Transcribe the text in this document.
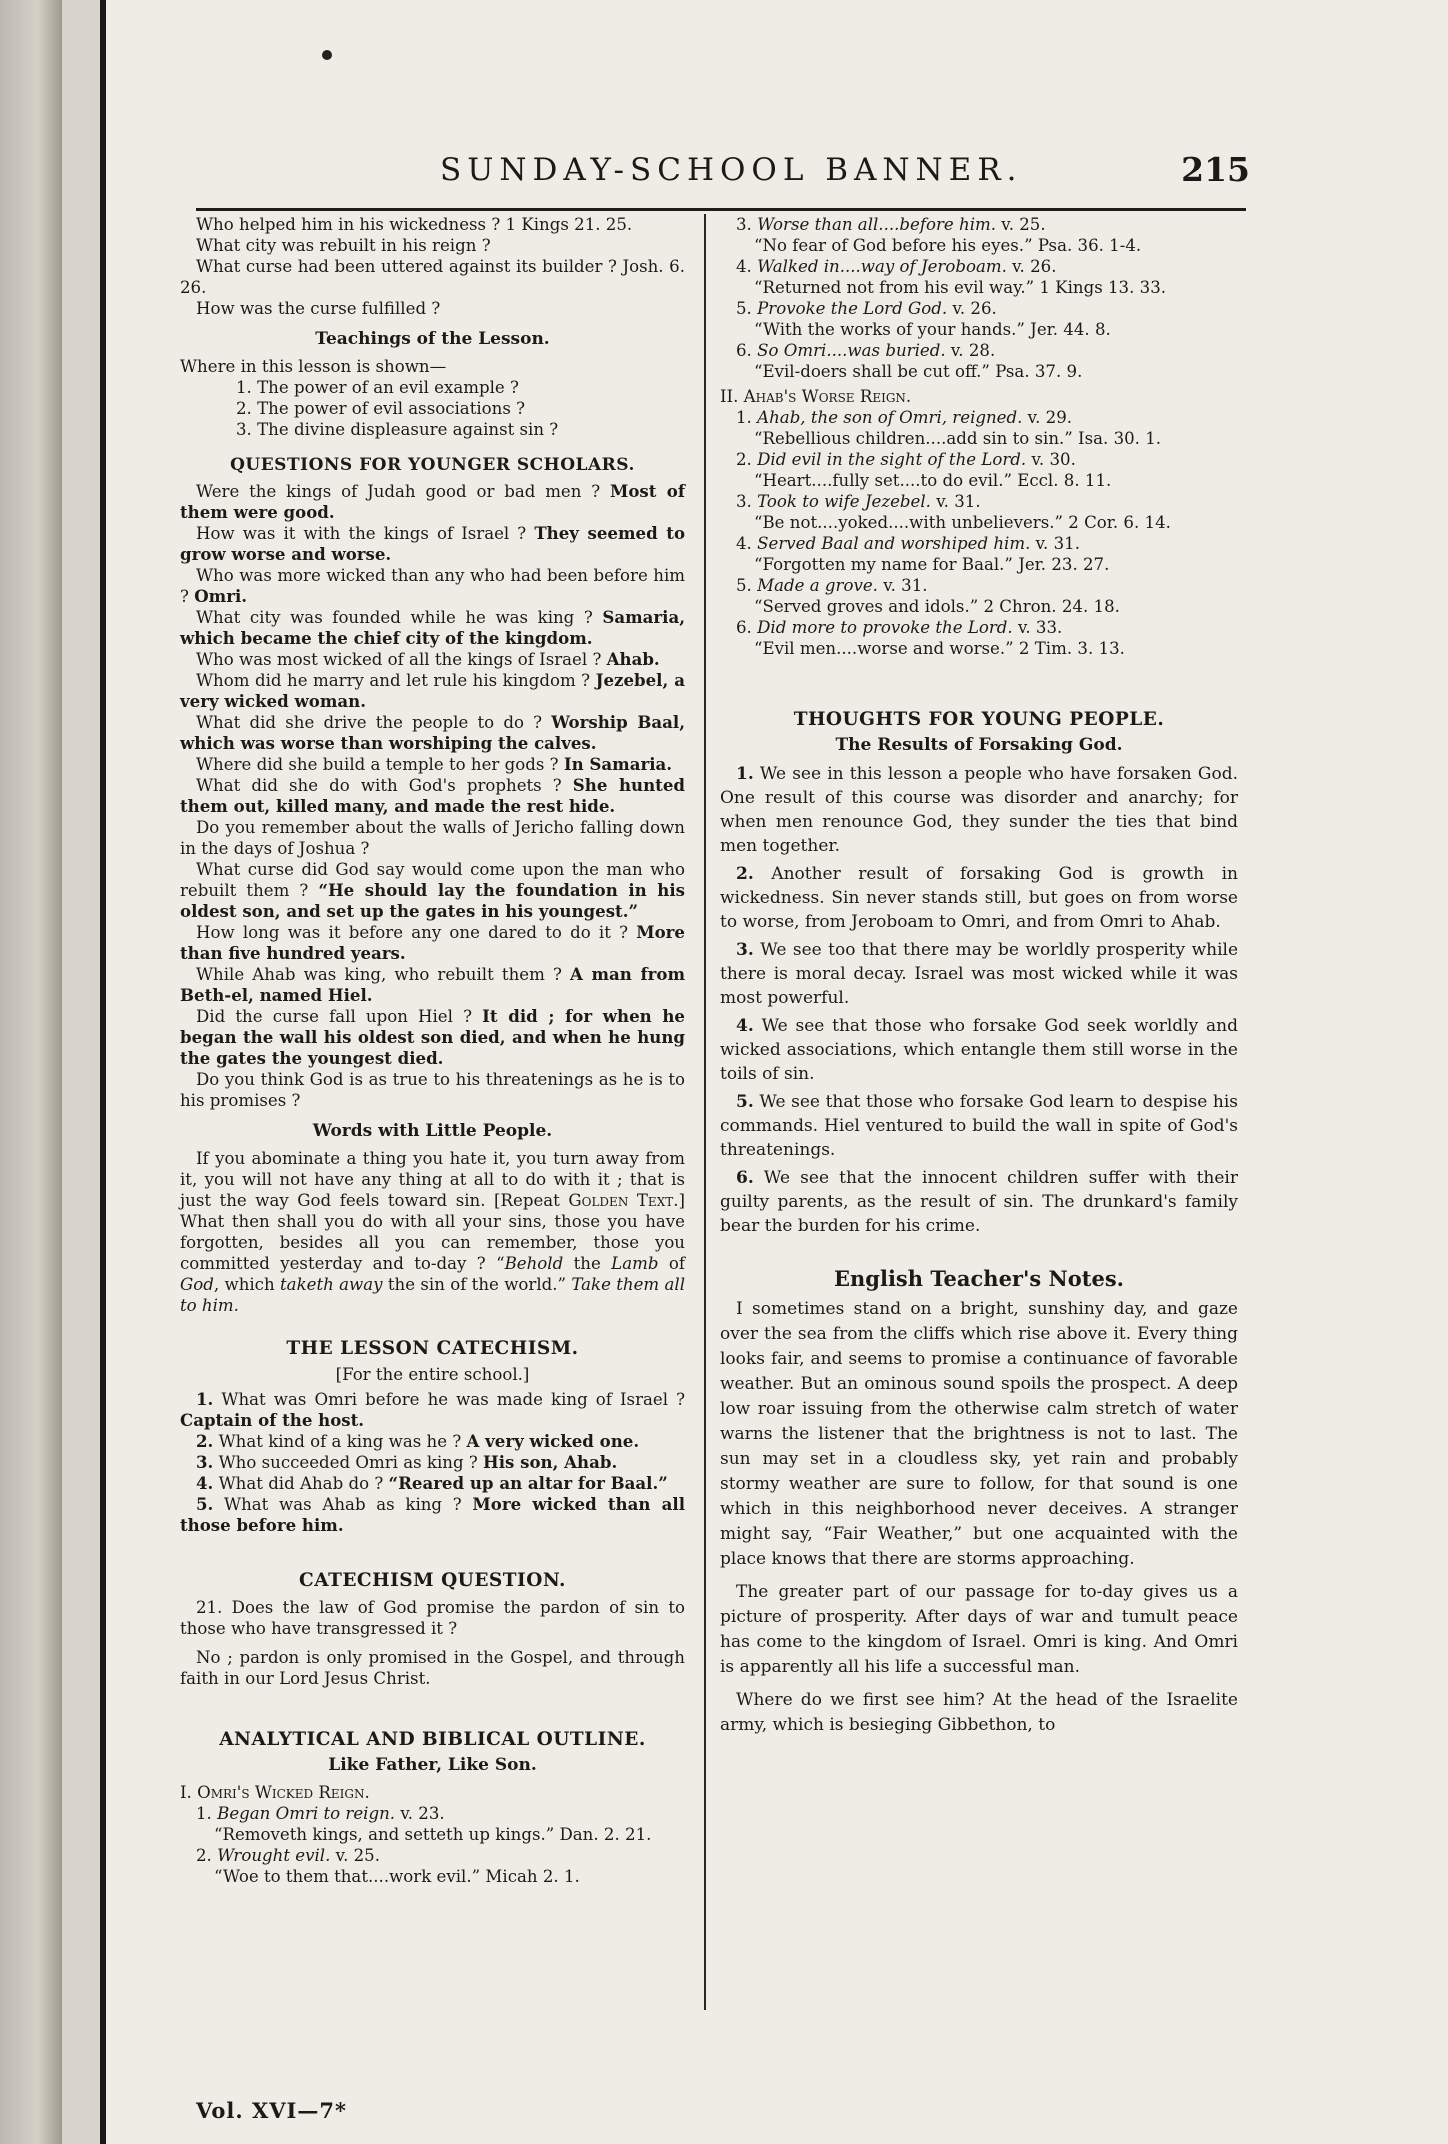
SUNDAY-SCHOOL BANNER.	215

Who helped him in his wickedness ? 1 Kings 21. 25.

What city was rebuilt in his reign ?

What curse had been uttered against its builder ? Josh. 6. 26.

How was the curse fulfilled ?

Teachings of the Lesson.

Where in this lesson is shown—

1. The power of an evil example ?

2. The power of evil associations ?

3. The divine displeasure against sin ?

QUESTIONS FOR YOUNGER SCHOLARS.

Were the kings of Judah good or bad men ? Most of them were good.

How was it with the kings of Israel ? They seemed to grow worse and worse.

Who was more wicked than any who had been before him ? Omri.

What city was founded while he was king ? Samaria, which became the chief city of the kingdom.

Who was most wicked of all the kings of Israel ? Ahab.

Whom did he marry and let rule his kingdom ? Jezebel, a very wicked woman.

What did she drive the people to do ? Worship Baal, which was worse than worshiping the calves.

Where did she build a temple to her gods ? In Samaria.

What did she do with God's prophets ? She hunted them out, killed many, and made the rest hide.

Do you remember about the walls of Jericho falling down in the days of Joshua ?

What curse did God say would come upon the man who rebuilt them ? “He should lay the foundation in his oldest son, and set up the gates in his youngest.”

How long was it before any one dared to do it ? More than five hundred years.

While Ahab was king, who rebuilt them ? A man from Beth-el, named Hiel.

Did the curse fall upon Hiel ? It did ; for when he began the wall his oldest son died, and when he hung the gates the youngest died.

Do you think God is as true to his threatenings as he is to his promises ?

Words with Little People.

If you abominate a thing you hate it, you turn away from it, you will not have any thing at all to do with it ; that is just the way God feels toward sin. [Repeat Golden Text.] What then shall you do with all your sins, those you have forgotten, besides all you can remember, those you committed yesterday and to-day ? “Behold the Lamb of God, which taketh away the sin of the world.” Take them all to him.

THE LESSON CATECHISM.

[For the entire school.]

1. What was Omri before he was made king of Israel ? Captain of the host.

2. What kind of a king was he ? A very wicked one.

3. Who succeeded Omri as king ? His son, Ahab.

4. What did Ahab do ? “Reared up an altar for Baal.”

5. What was Ahab as king ? More wicked than all those before him.

CATECHISM QUESTION.

21. Does the law of God promise the pardon of sin to those who have transgressed it ?

No ; pardon is only promised in the Gospel, and through faith in our Lord Jesus Christ.

ANALYTICAL AND BIBLICAL OUTLINE.
Like Father, Like Son.

I. Omri's Wicked Reign.

1. Began Omri to reign. v. 23.

“Removeth kings, and setteth up kings.” Dan. 2. 21.

2. Wrought evil. v. 25.

“Woe to them that....work evil.” Micah 2. 1.

Vol. XVI—7*

3. Worse than all....before him. v. 25.

“No fear of God before his eyes.” Psa. 36. 1-4.

4. Walked in....way of Jeroboam. v. 26.

“Returned not from his evil way.” 1 Kings 13. 33.

5. Provoke the Lord God. v. 26.

“With the works of your hands.” Jer. 44. 8.

6. So Omri....was buried. v. 28.

“Evil-doers shall be cut off.” Psa. 37. 9.

II. Ahab's Worse Reign.

1. Ahab, the son of Omri, reigned. v. 29.

“Rebellious children....add sin to sin.” Isa. 30. 1.

2. Did evil in the sight of the Lord. v. 30.

“Heart....fully set....to do evil.” Eccl. 8. 11.

3. Took to wife Jezebel. v. 31.

“Be not....yoked....with unbelievers.” 2 Cor. 6. 14.

4. Served Baal and worshiped him. v. 31.

“Forgotten my name for Baal.” Jer. 23. 27.

5. Made a grove. v. 31.

“Served groves and idols.” 2 Chron. 24. 18.

6. Did more to provoke the Lord. v. 33.

“Evil men....worse and worse.” 2 Tim. 3. 13.

THOUGHTS FOR YOUNG PEOPLE.
The Results of Forsaking God.

1. We see in this lesson a people who have forsaken God. One result of this course was disorder and anarchy; for when men renounce God, they sunder the ties that bind men together.

2. Another result of forsaking God is growth in wickedness. Sin never stands still, but goes on from worse to worse, from Jeroboam to Omri, and from Omri to Ahab.

3. We see too that there may be worldly prosperity while there is moral decay. Israel was most wicked while it was most powerful.

4. We see that those who forsake God seek worldly and wicked associations, which entangle them still worse in the toils of sin.

5. We see that those who forsake God learn to despise his commands. Hiel ventured to build the wall in spite of God's threatenings.

6. We see that the innocent children suffer with their guilty parents, as the result of sin. The drunkard's family bear the burden for his crime.

English Teacher's Notes.

I sometimes stand on a bright, sunshiny day, and gaze over the sea from the cliffs which rise above it. Every thing looks fair, and seems to promise a continuance of favorable weather. But an ominous sound spoils the prospect. A deep low roar issuing from the otherwise calm stretch of water warns the listener that the brightness is not to last. The sun may set in a cloudless sky, yet rain and probably stormy weather are sure to follow, for that sound is one which in this neighborhood never deceives. A stranger might say, “Fair Weather,” but one acquainted with the place knows that there are storms approaching.

The greater part of our passage for to-day gives us a picture of prosperity. After days of war and tumult peace has come to the kingdom of Israel. Omri is king. And Omri is apparently all his life a successful man.

Where do we first see him? At the head of the Israelite army, which is besieging Gibbethon, to
